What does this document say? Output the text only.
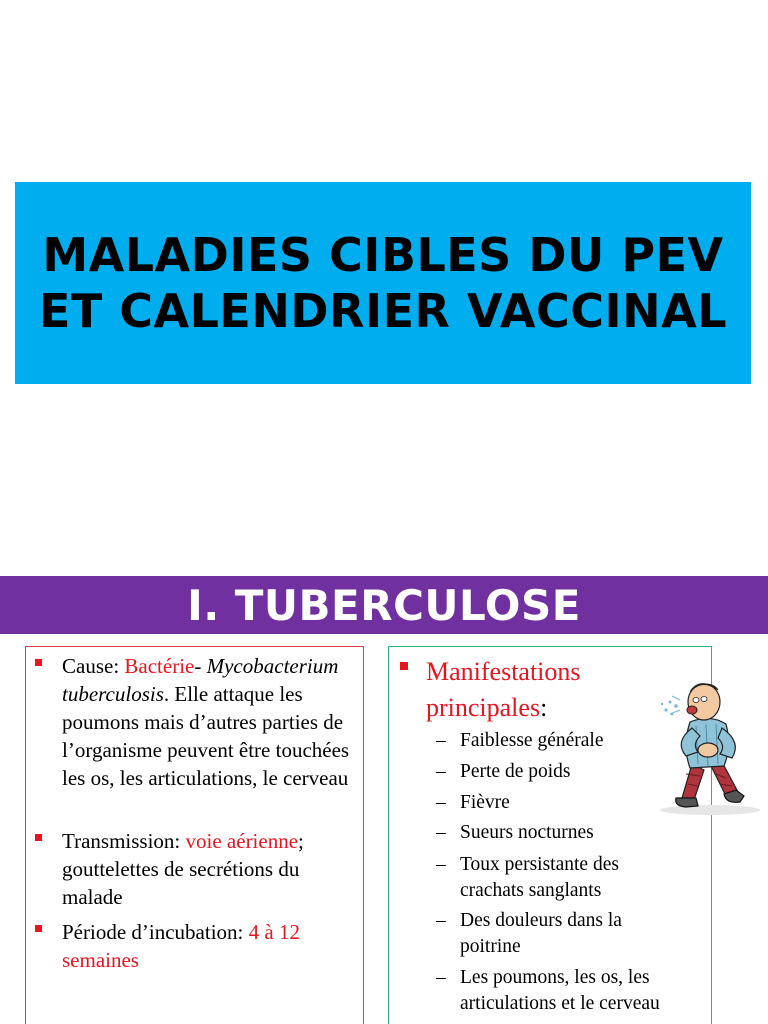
MALADIES CIBLES DU PEV
ET CALENDRIER VACCINAL
I. TUBERCULOSE
Cause: Bactérie- Mycobacterium tuberculosis. Elle attaque les poumons mais d’autres parties de l’organisme peuvent être touchées les os, les articulations, le cerveau
Transmission: voie aérienne; gouttelettes de secrétions du malade
Période d’incubation: 4 à 12 semaines
Manifestations principales:
– Faiblesse générale
– Perte de poids
– Fièvre
– Sueurs nocturnes
– Toux persistante des crachats sanglants
– Des douleurs dans la poitrine
– Les poumons, les os, les articulations et le cerveau
